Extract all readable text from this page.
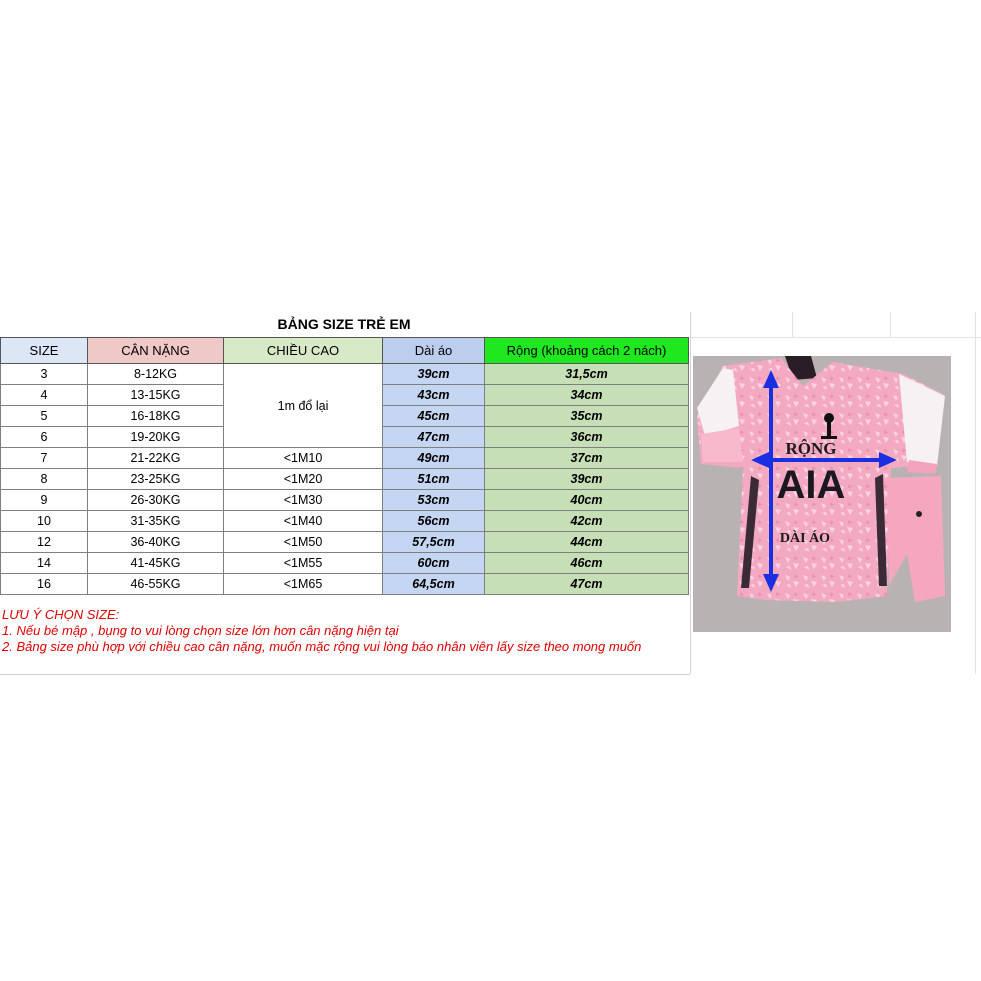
BẢNG SIZE TRẺ EM
SIZE	CÂN NẶNG	CHIỀU CAO	Dài áo	Rộng (khoảng cách 2 nách)
3	8-12KG	1m đổ lại	39cm	31,5cm
4	13-15KG		43cm	34cm
5	16-18KG		45cm	35cm
6	19-20KG		47cm	36cm
7	21-22KG	<1M10	49cm	37cm
8	23-25KG	<1M20	51cm	39cm
9	26-30KG	<1M30	53cm	40cm
10	31-35KG	<1M40	56cm	42cm
12	36-40KG	<1M50	57,5cm	44cm
14	41-45KG	<1M55	60cm	46cm
16	46-55KG	<1M65	64,5cm	47cm
LƯU Ý CHỌN SIZE:
1. Nếu bé mập , bụng to vui lòng chọn size lớn hơn cân nặng hiện tại
2. Bảng size phù hợp với chiều cao cân nặng, muốn mặc rộng vui lòng báo nhân viên lấy size theo mong muốn
AIA
RỘNG
DÀI ÁO
